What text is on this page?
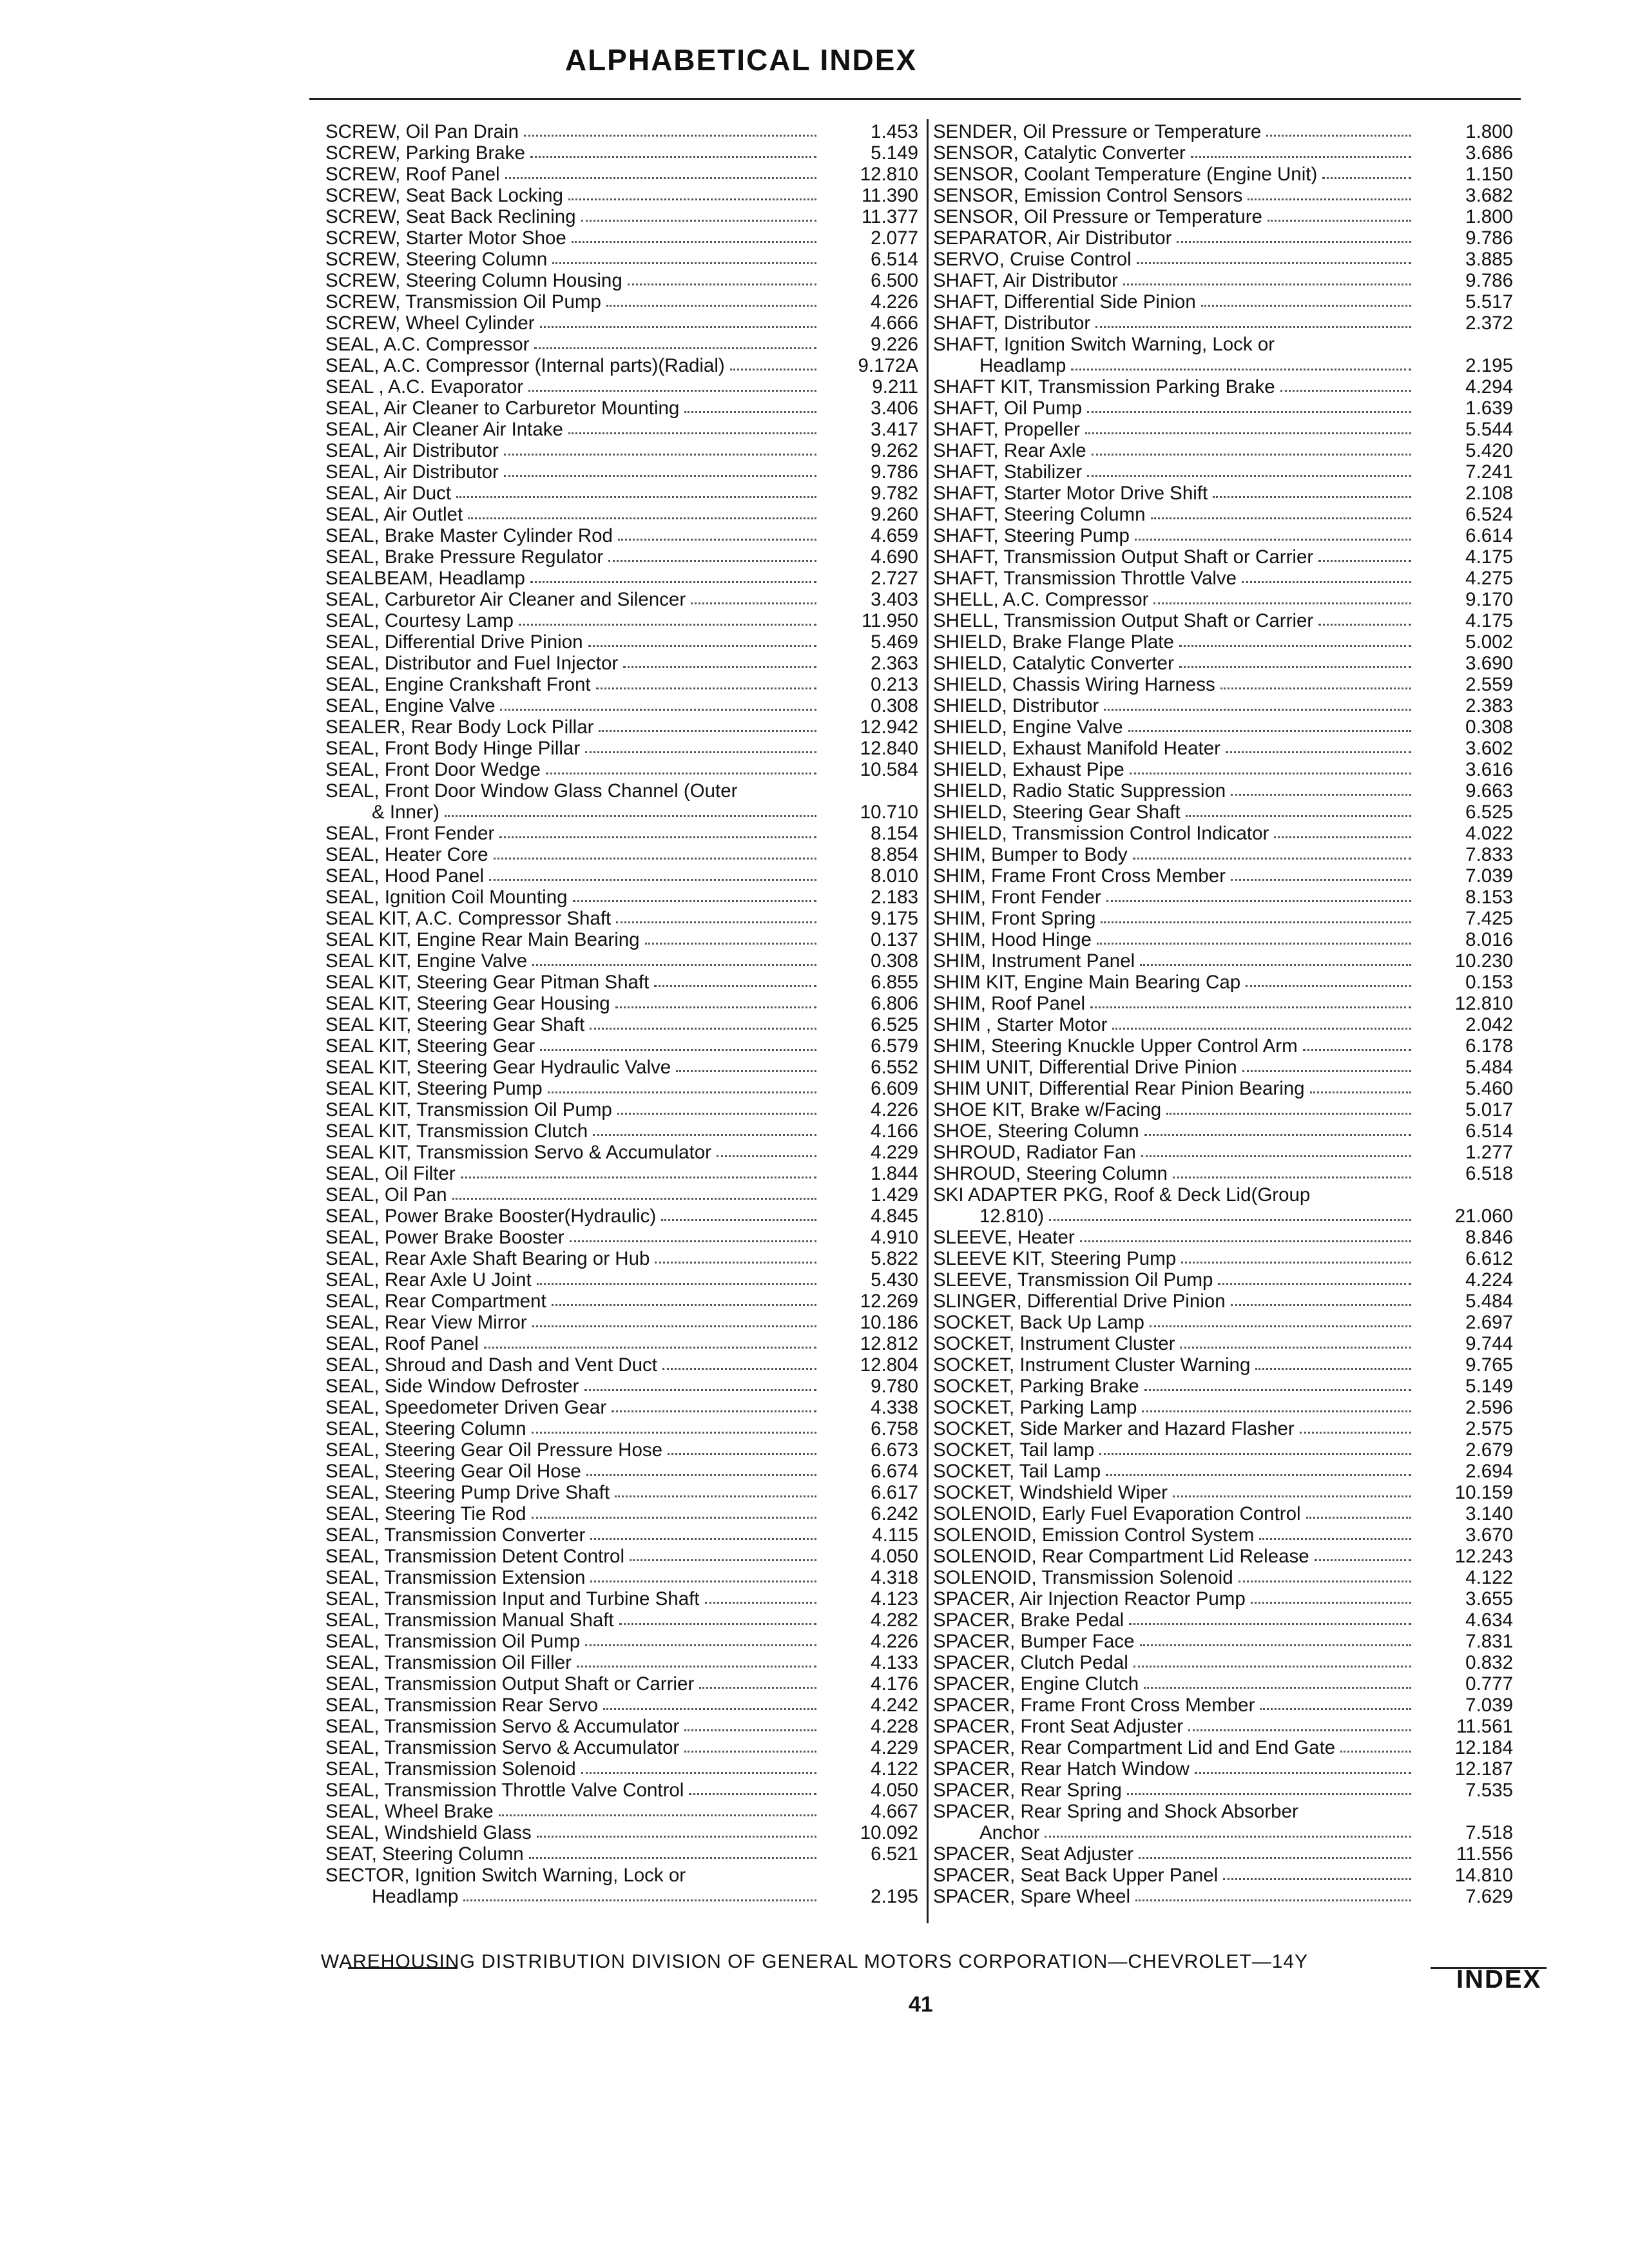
ALPHABETICAL INDEX
SCREW, Oil Pan Drain	1.453
SCREW, Parking Brake	5.149
SCREW, Roof Panel	12.810
SCREW, Seat Back Locking	11.390
SCREW, Seat Back Reclining	11.377
SCREW, Starter Motor Shoe	2.077
SCREW, Steering Column	6.514
SCREW, Steering Column Housing	6.500
SCREW, Transmission Oil Pump	4.226
SCREW, Wheel Cylinder	4.666
SEAL, A.C. Compressor	9.226
SEAL, A.C. Compressor (Internal parts)(Radial)	9.172A
SEAL , A.C. Evaporator	9.211
SEAL, Air Cleaner to Carburetor Mounting	3.406
SEAL, Air Cleaner Air Intake	3.417
SEAL, Air Distributor	9.262
SEAL, Air Distributor	9.786
SEAL, Air Duct	9.782
SEAL, Air Outlet	9.260
SEAL, Brake Master Cylinder Rod	4.659
SEAL, Brake Pressure Regulator	4.690
SEALBEAM, Headlamp	2.727
SEAL, Carburetor Air Cleaner and Silencer	3.403
SEAL, Courtesy Lamp	11.950
SEAL, Differential Drive Pinion	5.469
SEAL, Distributor and Fuel Injector	2.363
SEAL, Engine Crankshaft Front	0.213
SEAL, Engine Valve	0.308
SEALER, Rear Body Lock Pillar	12.942
SEAL, Front Body Hinge Pillar	12.840
SEAL, Front Door Wedge	10.584
SEAL, Front Door Window Glass Channel (Outer
& Inner)	10.710
SEAL, Front Fender	8.154
SEAL, Heater Core	8.854
SEAL, Hood Panel	8.010
SEAL, Ignition Coil Mounting	2.183
SEAL KIT, A.C. Compressor Shaft	9.175
SEAL KIT, Engine Rear Main Bearing	0.137
SEAL KIT, Engine Valve	0.308
SEAL KIT, Steering Gear Pitman Shaft	6.855
SEAL KIT, Steering Gear Housing	6.806
SEAL KIT, Steering Gear Shaft	6.525
SEAL KIT, Steering Gear	6.579
SEAL KIT, Steering Gear Hydraulic Valve	6.552
SEAL KIT, Steering Pump	6.609
SEAL KIT, Transmission Oil Pump	4.226
SEAL KIT, Transmission Clutch	4.166
SEAL KIT, Transmission Servo & Accumulator	4.229
SEAL, Oil Filter	1.844
SEAL, Oil Pan	1.429
SEAL, Power Brake Booster(Hydraulic)	4.845
SEAL, Power Brake Booster	4.910
SEAL, Rear Axle Shaft Bearing or Hub	5.822
SEAL, Rear Axle U Joint	5.430
SEAL, Rear Compartment	12.269
SEAL, Rear View Mirror	10.186
SEAL, Roof Panel	12.812
SEAL, Shroud and Dash and Vent Duct	12.804
SEAL, Side Window Defroster	9.780
SEAL, Speedometer Driven Gear	4.338
SEAL, Steering Column	6.758
SEAL, Steering Gear Oil Pressure Hose	6.673
SEAL, Steering Gear Oil Hose	6.674
SEAL, Steering Pump Drive Shaft	6.617
SEAL, Steering Tie Rod	6.242
SEAL, Transmission Converter	4.115
SEAL, Transmission Detent Control	4.050
SEAL, Transmission Extension	4.318
SEAL, Transmission Input and Turbine Shaft	4.123
SEAL, Transmission Manual Shaft	4.282
SEAL, Transmission Oil Pump	4.226
SEAL, Transmission Oil Filler	4.133
SEAL, Transmission Output Shaft or Carrier	4.176
SEAL, Transmission Rear Servo	4.242
SEAL, Transmission Servo & Accumulator	4.228
SEAL, Transmission Servo & Accumulator	4.229
SEAL, Transmission Solenoid	4.122
SEAL, Transmission Throttle Valve Control	4.050
SEAL, Wheel Brake	4.667
SEAL, Windshield Glass	10.092
SEAT, Steering Column	6.521
SECTOR, Ignition Switch Warning, Lock or
Headlamp	2.195
SENDER, Oil Pressure or Temperature	1.800
SENSOR, Catalytic Converter	3.686
SENSOR, Coolant Temperature (Engine Unit)	1.150
SENSOR, Emission Control Sensors	3.682
SENSOR, Oil Pressure or Temperature	1.800
SEPARATOR, Air Distributor	9.786
SERVO, Cruise Control	3.885
SHAFT, Air Distributor	9.786
SHAFT, Differential Side Pinion	5.517
SHAFT, Distributor	2.372
SHAFT, Ignition Switch Warning, Lock or
Headlamp	2.195
SHAFT KIT, Transmission Parking Brake	4.294
SHAFT, Oil Pump	1.639
SHAFT, Propeller	5.544
SHAFT, Rear Axle	5.420
SHAFT, Stabilizer	7.241
SHAFT, Starter Motor Drive Shift	2.108
SHAFT, Steering Column	6.524
SHAFT, Steering Pump	6.614
SHAFT, Transmission Output Shaft or Carrier	4.175
SHAFT, Transmission Throttle Valve	4.275
SHELL, A.C. Compressor	9.170
SHELL, Transmission Output Shaft or Carrier	4.175
SHIELD, Brake Flange Plate	5.002
SHIELD, Catalytic Converter	3.690
SHIELD, Chassis Wiring Harness	2.559
SHIELD, Distributor	2.383
SHIELD, Engine Valve	0.308
SHIELD, Exhaust Manifold Heater	3.602
SHIELD, Exhaust Pipe	3.616
SHIELD, Radio Static Suppression	9.663
SHIELD, Steering Gear Shaft	6.525
SHIELD, Transmission Control Indicator	4.022
SHIM, Bumper to Body	7.833
SHIM, Frame Front Cross Member	7.039
SHIM, Front Fender	8.153
SHIM, Front Spring	7.425
SHIM, Hood Hinge	8.016
SHIM, Instrument Panel	10.230
SHIM KIT, Engine Main Bearing Cap	0.153
SHIM, Roof Panel	12.810
SHIM , Starter Motor	2.042
SHIM, Steering Knuckle Upper Control Arm	6.178
SHIM UNIT, Differential Drive Pinion	5.484
SHIM UNIT, Differential Rear Pinion Bearing	5.460
SHOE KIT, Brake w/Facing	5.017
SHOE, Steering Column	6.514
SHROUD, Radiator Fan	1.277
SHROUD, Steering Column	6.518
SKI ADAPTER PKG, Roof & Deck Lid(Group
12.810)	21.060
SLEEVE, Heater	8.846
SLEEVE KIT, Steering Pump	6.612
SLEEVE, Transmission Oil Pump	4.224
SLINGER, Differential Drive Pinion	5.484
SOCKET, Back Up Lamp	2.697
SOCKET, Instrument Cluster	9.744
SOCKET, Instrument Cluster Warning	9.765
SOCKET, Parking Brake	5.149
SOCKET, Parking Lamp	2.596
SOCKET, Side Marker and Hazard Flasher	2.575
SOCKET, Tail lamp	2.679
SOCKET, Tail Lamp	2.694
SOCKET, Windshield Wiper	10.159
SOLENOID, Early Fuel Evaporation Control	3.140
SOLENOID, Emission Control System	3.670
SOLENOID, Rear Compartment Lid Release	12.243
SOLENOID, Transmission Solenoid	4.122
SPACER, Air Injection Reactor Pump	3.655
SPACER, Brake Pedal	4.634
SPACER, Bumper Face	7.831
SPACER, Clutch Pedal	0.832
SPACER, Engine Clutch	0.777
SPACER, Frame Front Cross Member	7.039
SPACER, Front Seat Adjuster	11.561
SPACER, Rear Compartment Lid and End Gate	12.184
SPACER, Rear Hatch Window	12.187
SPACER, Rear Spring	7.535
SPACER, Rear Spring and Shock Absorber
Anchor	7.518
SPACER, Seat Adjuster	11.556
SPACER, Seat Back Upper Panel	14.810
SPACER, Spare Wheel	7.629
WAREHOUSING DISTRIBUTION DIVISION OF GENERAL MOTORS CORPORATION—CHEVROLET—14Y
41
INDEX
